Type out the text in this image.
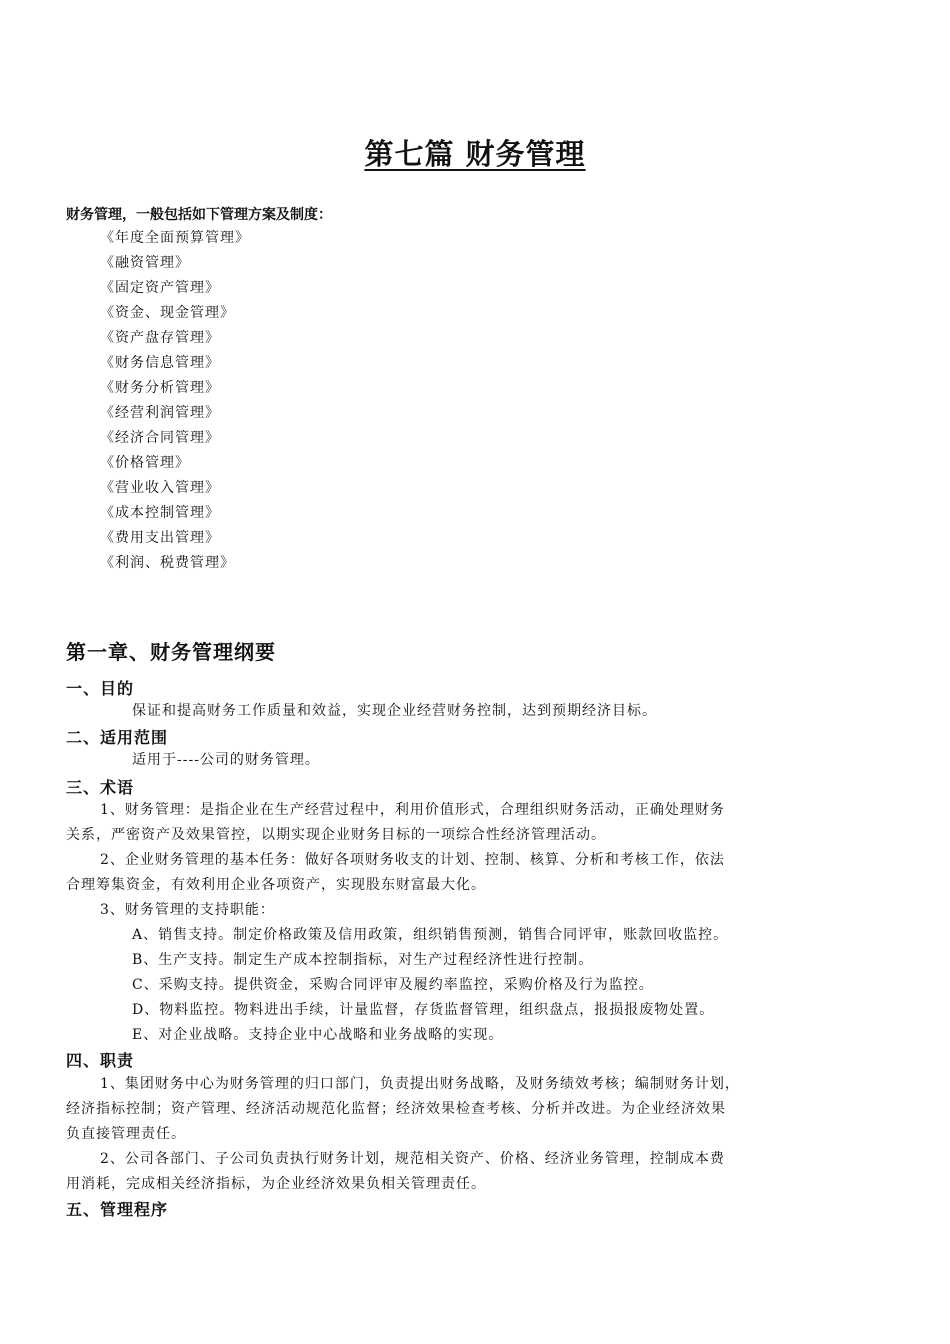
第七篇 财务管理
财务管理，一般包括如下管理方案及制度：
《年度全面预算管理》
《融资管理》
《固定资产管理》
《资金、现金管理》
《资产盘存管理》
《财务信息管理》
《财务分析管理》
《经营利润管理》
《经济合同管理》
《价格管理》
《营业收入管理》
《成本控制管理》
《费用支出管理》
《利润、税费管理》
第一章、财务管理纲要
一、目的

保证和提高财务工作质量和效益，实现企业经营财务控制，达到预期经济目标。

二、适用范围

适用于----公司的财务管理。

三、术语

1、财务管理：是指企业在生产经营过程中，利用价值形式，合理组织财务活动，正确处理财务

关系，严密资产及效果管控，以期实现企业财务目标的一项综合性经济管理活动。

2、企业财务管理的基本任务：做好各项财务收支的计划、控制、核算、分析和考核工作，依法

合理筹集资金，有效利用企业各项资产，实现股东财富最大化。

3、财务管理的支持职能：

A、销售支持。制定价格政策及信用政策，组织销售预测，销售合同评审，账款回收监控。

B、生产支持。制定生产成本控制指标，对生产过程经济性进行控制。

C、采购支持。提供资金，采购合同评审及履约率监控，采购价格及行为监控。

D、物料监控。物料进出手续，计量监督，存货监督管理，组织盘点，报损报废物处置。

E、对企业战略。支持企业中心战略和业务战略的实现。

四、职责

1、集团财务中心为财务管理的归口部门，负责提出财务战略，及财务绩效考核；编制财务计划，

经济指标控制；资产管理、经济活动规范化监督；经济效果检查考核、分析并改进。为企业经济效果

负直接管理责任。

2、公司各部门、子公司负责执行财务计划，规范相关资产、价格、经济业务管理，控制成本费

用消耗，完成相关经济指标，为企业经济效果负相关管理责任。

五、管理程序
